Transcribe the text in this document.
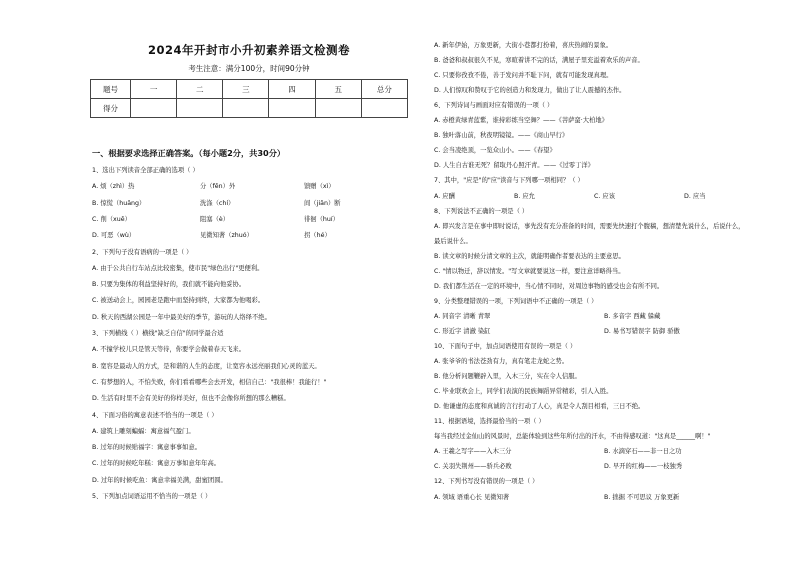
2024年开封市小升初素养语文检测卷
考生注意：满分100分，时间90分钟
题号	一	二	三	四	五	总分
得分						
一、根据要求选择正确答案。（每小题2分，共30分）
1、选出下列读音全部正确的选项（ ）
A. 烦（zhì）热	分（fēn）外	馈赠（xì）
B. 惊慌（huāng）	洗涤（chí）	间（jiān）断
C. 削（xuē）	阻塞（è）	徘徊（huí）
D. 可恶（wù）	见微知著（zhuó）	拐（hé）
2、下列句子没有语病的一项是（ ）
A. 由于公共自行车站点比较密集，使市民"绿色出行"更便利。
B. 只要为集体的利益坚持好的，我们就不能向他妥协。
C. 被送动会上，园园老是跑中而坚持到终，大家都为他喝彩。
D. 秋天的西湖公园是一年中最美好的季节，游玩的人络绎不绝。
3、下列横线（ ）横线"缺乏自信"的同学最合适
A. 不撞学校儿只是管天等待，你要学会做着春天飞来。
B. 宽容是最动人的方式，是和谐的人生的态度，让宽容永远亮丽我们心灵的蓝天。
C. 有梦想的人，不怕失败，你们看看哪些会去开发，相信自己："我很棒！我能行！"
D. 生活有时里不会有美好的你样美好，但也不会像你所想的那么糟糕。
4、下面习俗的寓意表述不恰当的一项是（ ）
A. 建筑上雕刻蝙蝠：寓意福气盈门。
B. 过年的时候贴福字：寓意事事如意。
C. 过年的时候吃年糕：寓意万事如意年年高。
D. 过年的时候吃鱼：寓意幸福美满，甜蜜团圆。
5、下列加点词语运用不恰当的一项是（ ）
A. 新年伊始，万象更新，大街小巷都打扮着，喜庆热闹的景象。
B. 爸爸和叔叔很久不见，寒暄着讲不完的话，满屋子里充溢着欢乐的声音。
C. 只要你孜孜不倦，善于发问并不耻下问，就有可能发现真理。
D. 人们惊叹和赞叹于它的创造力和发现力，做出了让人震撼的杰作。
6、下列诗词与画面对应有错误的一项（ ）
A. 赤橙黄绿青蓝紫，谁持彩练当空舞？——《菩萨蛮·大柏地》
B. 独叶落山前，秋夜明镜镜。——《商山早行》
C. 会当凌绝顶，一览众山小。——《春望》
D. 人生自古谁无死？留取丹心照汗青。——《过零丁洋》
7、其中，"应是"的"应"读音与下列哪一项相同？（ ）
A. 应酬	B. 应允	C. 应该	D. 应当
8、下列说法不正确的一项是（ ）
A. 即兴发言是在事中即时说话，事先没有充分准备的时间，需要先快速打个腹稿，想清楚先说什么，后说什么，
最后说什么。
B. 读文章的时候分清文章的主次，就能明确作者要表达的主要意思。
C. "情以物迁，辞以情发。"写文章就要说这一样，要注意详略得当。
D. 我们都生活在一定的环境中，当心情不同时，对周边事物的感受也会有所不同。
9、分类整理错误的一项，下列词语中不正确的一项是（ ）
A. 同音字 清晰 青翠	B. 多音字 西藏 躲藏
C. 形近字 清澈 染缸	D. 易书写错误字 防御 骄傲
10、下面句子中，加点词语使用有误的一项是（ ）
A. 张爷爷的书法苍劲有力，真有笔走龙蛇之势。
B. 他分析问题鞭辟入里，入木三分，实在令人信服。
C. 毕业联欢会上，同学们表演的民族舞蹈异常精彩，引人入胜。
D. 他谦虚的态度和真诚的言行打动了人心，真是令人刮目相看，三日不绝。
11、根据语境，选择最恰当的一项（ ）
每当我经过金仙山的风景时，总能体验到这些年所付出的汗水，不由得感叹道："这真是______啊！"
A. 王羲之写字——入木三分	B. 水滴穿石——非一日之功
C. 关羽失荆州——骄兵必败	D. 早开的红梅——一枝独秀
12、下列书写没有错误的一项是（ ）
A. 领域 语重心长 见微知著	B. 拙掘 不可思议 万象更新
